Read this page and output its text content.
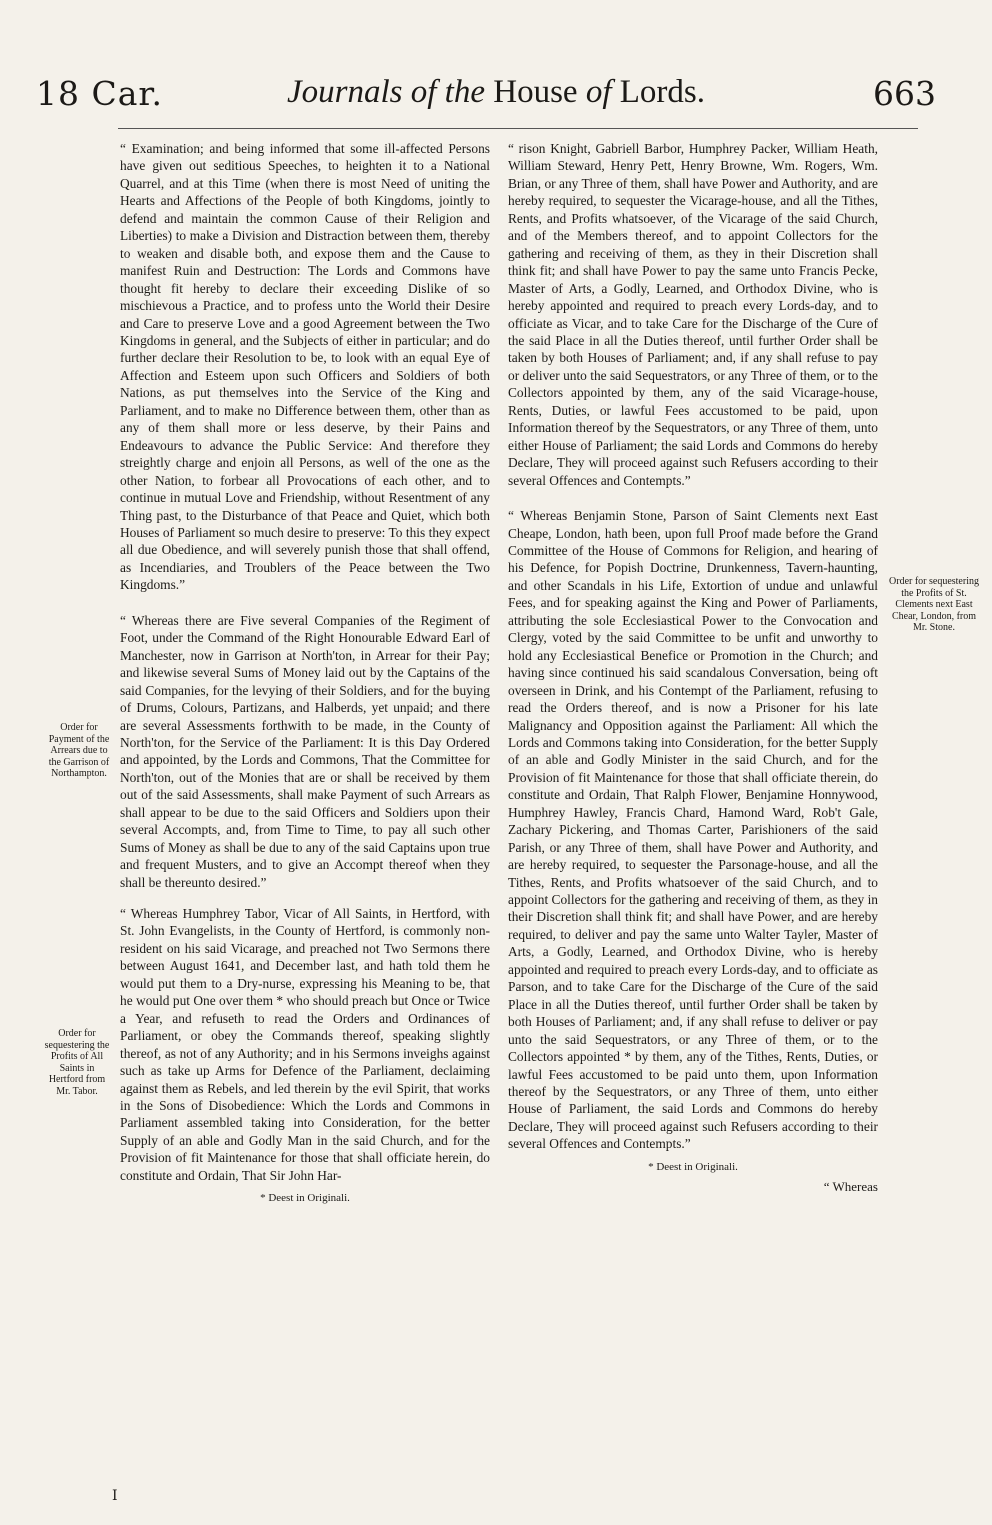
18 Car.	Journals of the House of Lords.	663
Order for Payment of the Arrears due to the Garrison of Northampton.
Order for sequestering the Profits of All Saints in Hertford from Mr. Tabor.
Order for sequestering the Profits of St. Clements next East Chear, London, from Mr. Stone.

“ Examination; and being informed that some ill-affected Persons have given out seditious Speeches, to heighten it to a National Quarrel, and at this Time (when there is most Need of uniting the Hearts and Affections of the People of both Kingdoms, jointly to defend and maintain the common Cause of their Religion and Liberties) to make a Division and Distraction between them, thereby to weaken and disable both, and expose them and the Cause to manifest Ruin and Destruction: The Lords and Commons have thought fit hereby to declare their exceeding Dislike of so mischievous a Practice, and to profess unto the World their Desire and Care to preserve Love and a good Agreement between the Two Kingdoms in general, and the Subjects of either in particular; and do further declare their Resolution to be, to look with an equal Eye of Affection and Esteem upon such Officers and Soldiers of both Nations, as put themselves into the Service of the King and Parliament, and to make no Difference between them, other than as any of them shall more or less deserve, by their Pains and Endeavours to advance the Public Service: And therefore they streightly charge and enjoin all Persons, as well of the one as the other Nation, to forbear all Provocations of each other, and to continue in mutual Love and Friendship, without Resentment of any Thing past, to the Disturbance of that Peace and Quiet, which both Houses of Parliament so much desire to preserve: To this they expect all due Obedience, and will severely punish those that shall offend, as Incendiaries, and Troublers of the Peace between the Two Kingdoms.”

“ Whereas there are Five several Companies of the Regiment of Foot, under the Command of the Right Honourable Edward Earl of Manchester, now in Garrison at North'ton, in Arrear for their Pay; and likewise several Sums of Money laid out by the Captains of the said Companies, for the levying of their Soldiers, and for the buying of Drums, Colours, Partizans, and Halberds, yet unpaid; and there are several Assessments forthwith to be made, in the County of North'ton, for the Service of the Parliament: It is this Day Ordered and appointed, by the Lords and Commons, That the Committee for North'ton, out of the Monies that are or shall be received by them out of the said Assessments, shall make Payment of such Arrears as shall appear to be due to the said Officers and Soldiers upon their several Accompts, and, from Time to Time, to pay all such other Sums of Money as shall be due to any of the said Captains upon true and frequent Musters, and to give an Accompt thereof when they shall be thereunto desired.”

“ Whereas Humphrey Tabor, Vicar of All Saints, in Hertford, with St. John Evangelists, in the County of Hertford, is commonly non-resident on his said Vicarage, and preached not Two Sermons there between August 1641, and December last, and hath told them he would put them to a Dry-nurse, expressing his Meaning to be, that he would put One over them * who should preach but Once or Twice a Year, and refuseth to read the Orders and Ordinances of Parliament, or obey the Commands thereof, speaking slightly thereof, as not of any Authority; and in his Sermons inveighs against such as take up Arms for Defence of the Parliament, declaiming against them as Rebels, and led therein by the evil Spirit, that works in the Sons of Disobedience: Which the Lords and Commons in Parliament assembled taking into Consideration, for the better Supply of an able and Godly Man in the said Church, and for the Provision of fit Maintenance for those that shall officiate herein, do constitute and Ordain, That Sir John Har-

* Deest in Originali.

“ rison Knight, Gabriell Barbor, Humphrey Packer, William Heath, William Steward, Henry Pett, Henry Browne, Wm. Rogers, Wm. Brian, or any Three of them, shall have Power and Authority, and are hereby required, to sequester the Vicarage-house, and all the Tithes, Rents, and Profits whatsoever, of the Vicarage of the said Church, and of the Members thereof, and to appoint Collectors for the gathering and receiving of them, as they in their Discretion shall think fit; and shall have Power to pay the same unto Francis Pecke, Master of Arts, a Godly, Learned, and Orthodox Divine, who is hereby appointed and required to preach every Lords-day, and to officiate as Vicar, and to take Care for the Discharge of the Cure of the said Place in all the Duties thereof, until further Order shall be taken by both Houses of Parliament; and, if any shall refuse to pay or deliver unto the said Sequestrators, or any Three of them, or to the Collectors appointed by them, any of the said Vicarage-house, Rents, Duties, or lawful Fees accustomed to be paid, upon Information thereof by the Sequestrators, or any Three of them, unto either House of Parliament; the said Lords and Commons do hereby Declare, They will proceed against such Refusers according to their several Offences and Contempts.”

“ Whereas Benjamin Stone, Parson of Saint Clements next East Cheape, London, hath been, upon full Proof made before the Grand Committee of the House of Commons for Religion, and hearing of his Defence, for Popish Doctrine, Drunkenness, Tavern-haunting, and other Scandals in his Life, Extortion of undue and unlawful Fees, and for speaking against the King and Power of Parliaments, attributing the sole Ecclesiastical Power to the Convocation and Clergy, voted by the said Committee to be unfit and unworthy to hold any Ecclesiastical Benefice or Promotion in the Church; and having since continued his said scandalous Conversation, being oft overseen in Drink, and his Contempt of the Parliament, refusing to read the Orders thereof, and is now a Prisoner for his late Malignancy and Opposition against the Parliament: All which the Lords and Commons taking into Consideration, for the better Supply of an able and Godly Minister in the said Church, and for the Provision of fit Maintenance for those that shall officiate therein, do constitute and Ordain, That Ralph Flower, Benjamine Honnywood, Humphrey Hawley, Francis Chard, Hamond Ward, Rob't Gale, Zachary Pickering, and Thomas Carter, Parishioners of the said Parish, or any Three of them, shall have Power and Authority, and are hereby required, to sequester the Parsonage-house, and all the Tithes, Rents, and Profits whatsoever of the said Church, and to appoint Collectors for the gathering and receiving of them, as they in their Discretion shall think fit; and shall have Power, and are hereby required, to deliver and pay the same unto Walter Tayler, Master of Arts, a Godly, Learned, and Orthodox Divine, who is hereby appointed and required to preach every Lords-day, and to officiate as Parson, and to take Care for the Discharge of the Cure of the said Place in all the Duties thereof, until further Order shall be taken by both Houses of Parliament; and, if any shall refuse to deliver or pay unto the said Sequestrators, or any Three of them, or to the Collectors appointed * by them, any of the Tithes, Rents, Duties, or lawful Fees accustomed to be paid unto them, upon Information thereof by the Sequestrators, or any Three of them, unto either House of Parliament, the said Lords and Commons do hereby Declare, They will proceed against such Refusers according to their several Offences and Contempts.”

* Deest in Originali.
“ Whereas
I
